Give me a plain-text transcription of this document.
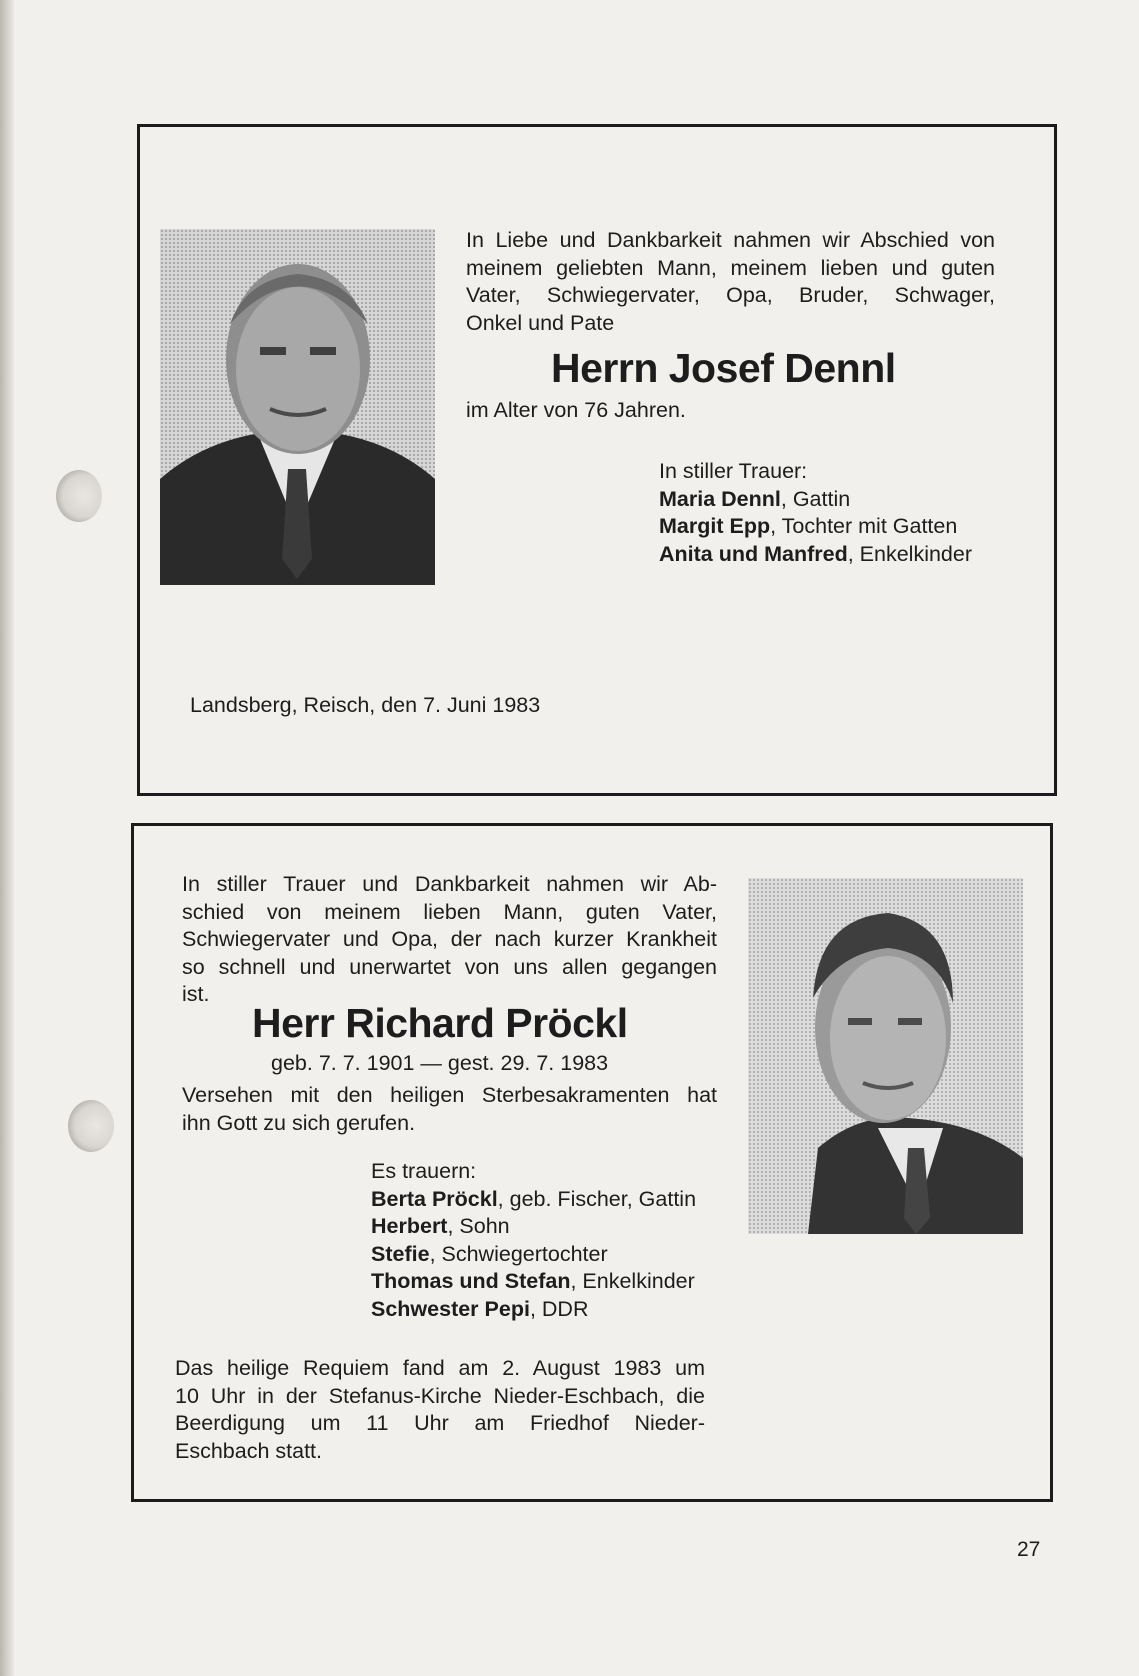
In Liebe und Dankbarkeit nahmen wir Abschied von
meinem geliebten Mann, meinem lieben und guten
Vater, Schwiegervater, Opa, Bruder, Schwager,
Onkel und Pate
Herrn Josef Dennl
im Alter von 76 Jahren.
In stiller Trauer:
Maria Dennl, Gattin
Margit Epp, Tochter mit Gatten
Anita und Manfred, Enkelkinder
Landsberg, Reisch, den 7. Juni 1983
In stiller Trauer und Dankbarkeit nahmen wir Ab-
schied von meinem lieben Mann, guten Vater,
Schwiegervater und Opa, der nach kurzer Krankheit
so schnell und unerwartet von uns allen gegangen
ist.
Herr Richard Pröckl
geb. 7. 7. 1901 — gest. 29. 7. 1983
Versehen mit den heiligen Sterbesakramenten hat
ihn Gott zu sich gerufen.
Es trauern:
Berta Pröckl, geb. Fischer, Gattin
Herbert, Sohn
Stefie, Schwiegertochter
Thomas und Stefan, Enkelkinder
Schwester Pepi, DDR
Das heilige Requiem fand am 2. August 1983 um
10 Uhr in der Stefanus-Kirche Nieder-Eschbach, die
Beerdigung um 11 Uhr am Friedhof Nieder-
Eschbach statt.
27
